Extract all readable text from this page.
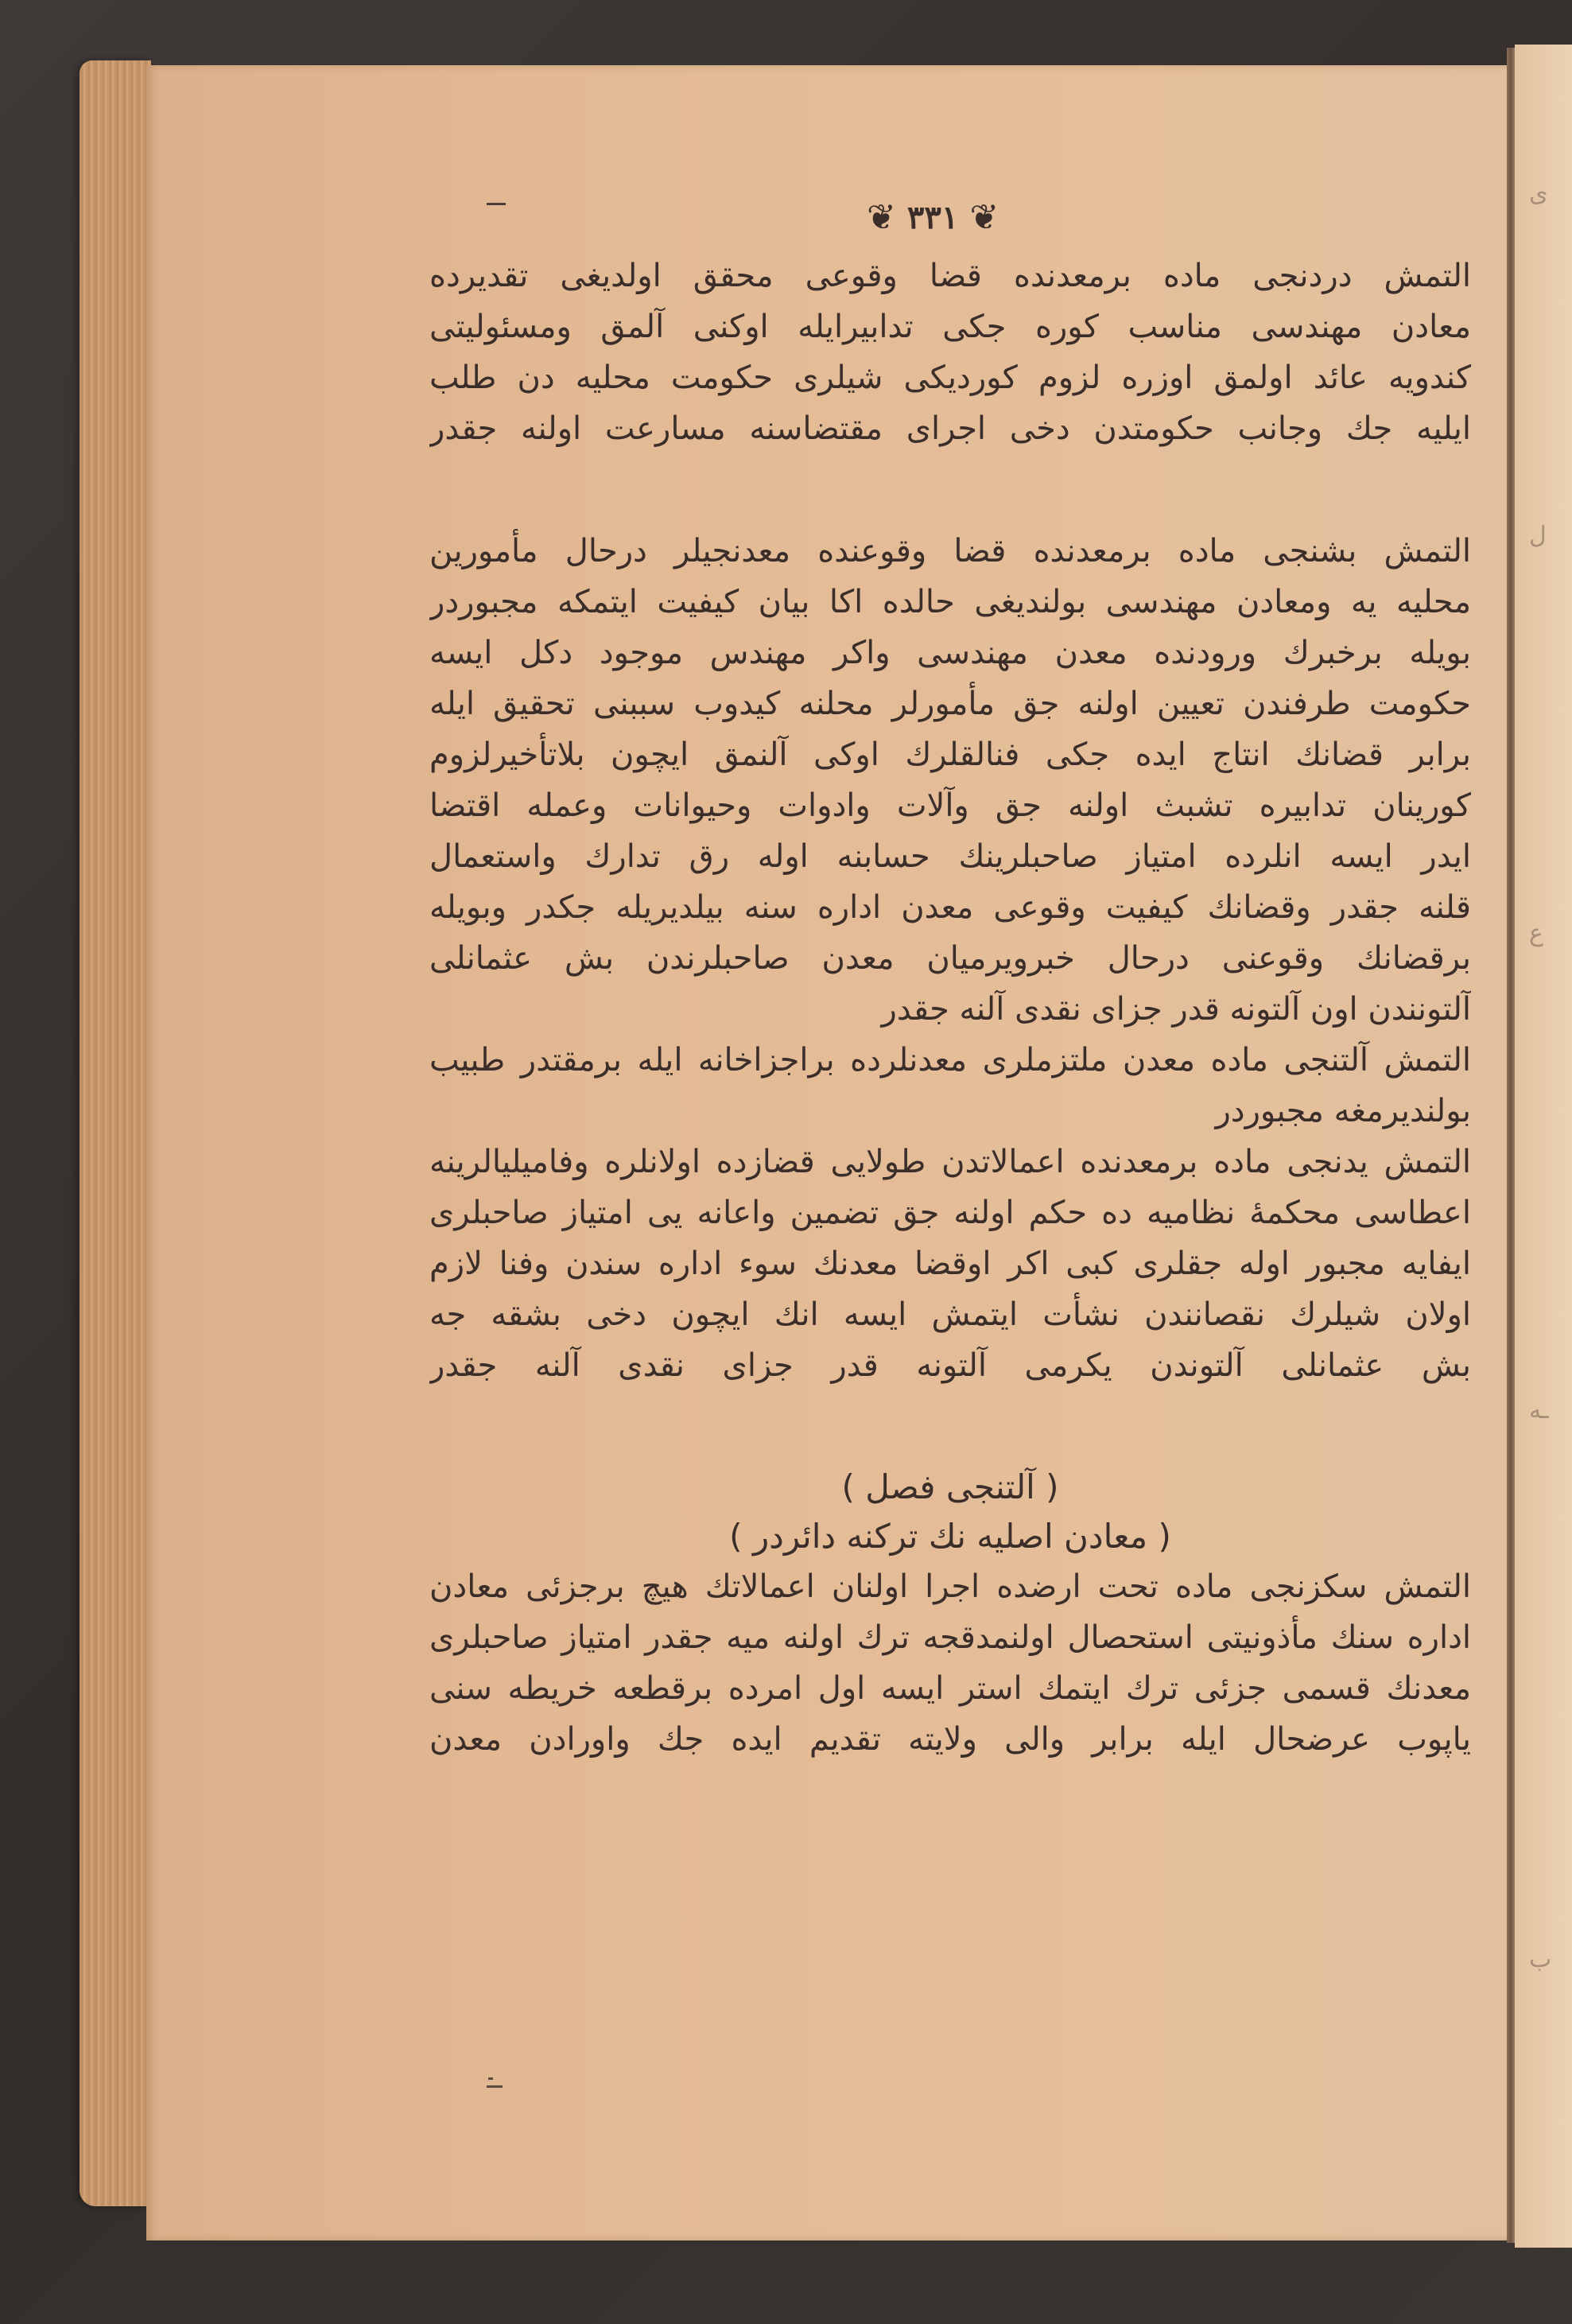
ی
ل
ع
ـه
ب
❦ ٣٣١ ❦
التمش دردنجی ماده برمعدنده قضا وقوعی محقق اولدیغی تقدیرده
معادن مهندسی مناسب كوره جكی تدابیرایله اوكنی آلمق ومسئولیتی
كندویه عائد اولمق اوزره لزوم كوردیكی شیلری حكومت محلیه دن طلب
ایلیه جك وجانب حكومتدن دخی اجرای مقتضاسنه مسارعت اولنه جقدر
التمش بشنجی ماده برمعدنده قضا وقوعنده معدنجیلر درحال مأمورین
محلیه یه ومعادن مهندسی بولندیغی حالده اكا بیان كیفیت ایتمكه مجبوردر
بویله برخبرك ورودنده معدن مهندسی واكر مهندس موجود دكل ایسه
حكومت طرفندن تعیین اولنه جق مأمورلر محلنه كیدوب سببنی تحقیق ایله
برابر قضانك انتاج ایده جكی فنالقلرك اوكی آلنمق ایچون بلاتأخیرلزوم
كورینان تدابیره تشبث اولنه جق وآلات وادوات وحیوانات وعمله اقتضا
ایدر ایسه انلرده امتیاز صاحبلرینك حسابنه اوله رق تدارك واستعمال
قلنه جقدر وقضانك كیفیت وقوعی معدن اداره سنه بیلدیریله جكدر وبویله
برقضانك وقوعنی درحال خبرویرمیان معدن صاحبلرندن بش عثمانلی
آلتونندن اون آلتونه قدر جزای نقدی آلنه جقدر
التمش آلتنجی ماده معدن ملتزملری معدنلرده براجزاخانه ایله برمقتدر طبیب
بولندیرمغه مجبوردر
التمش یدنجی ماده برمعدنده اعمالاتدن طولایی قضازده اولانلره وفامیلیالرینه
اعطاسی محكمهٔ نظامیه ده حكم اولنه جق تضمین واعانه یی امتیاز صاحبلری
ایفایه مجبور اوله جقلری كبی اكر اوقضا معدنك سوء اداره سندن وفنا لازم
اولان شیلرك نقصانندن نشأت ایتمش ایسه انك ایچون دخی بشقه جه
بش عثمانلی آلتوندن یكرمی آلتونه قدر جزای نقدی آلنه جقدر
( آلتنجی فصل )
( معادن اصلیه نك تركنه دائردر )
التمش سكزنجی ماده تحت ارضده اجرا اولنان اعمالاتك هیچ برجزئی معادن
اداره سنك مأذونیتی استحصال اولنمدقجه ترك اولنه میه جقدر امتیاز صاحبلری
معدنك قسمی جزئی ترك ایتمك استر ایسه اول امرده برقطعه خریطه سنی
یاپوب عرضحال ایله برابر والی ولایته تقدیم ایده جك واورادن معدن
